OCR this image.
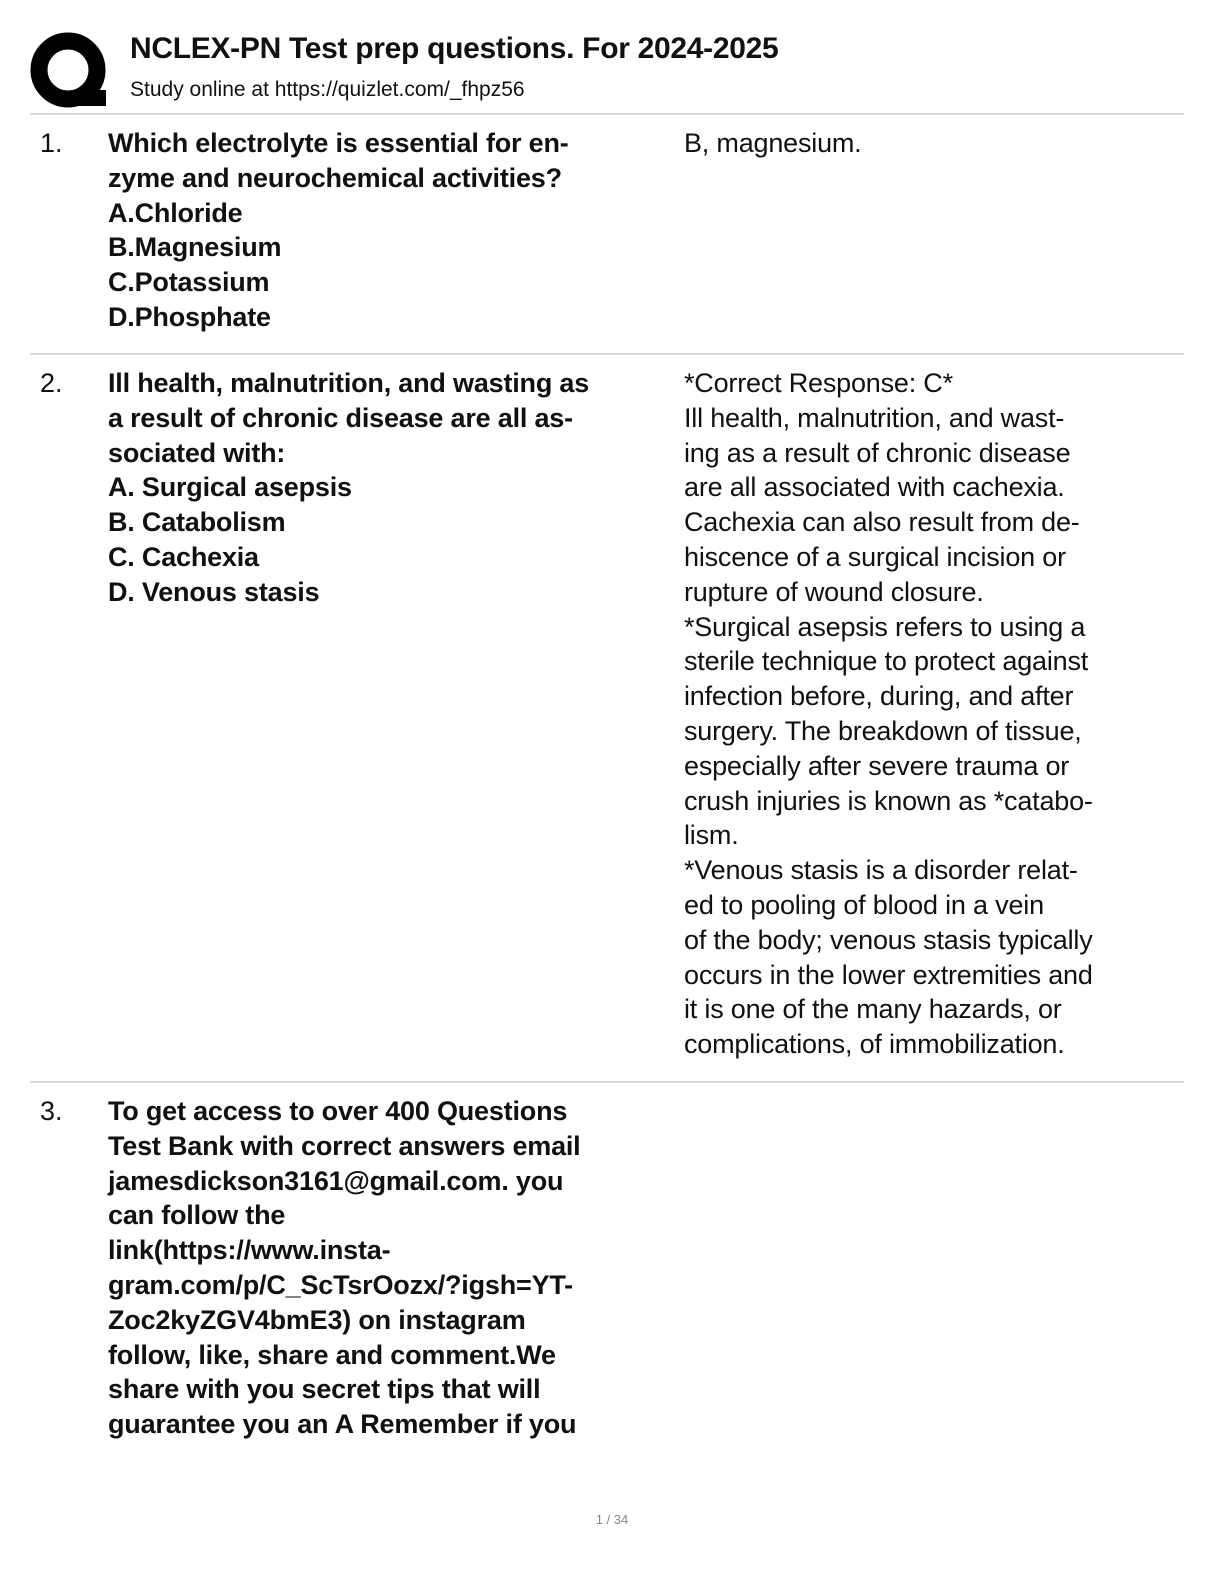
NCLEX-PN Test prep questions. For 2024-2025
Study online at https://quizlet.com/_fhpz56
1. Which electrolyte is essential for en-
zyme and neurochemical activities?
A.Chloride
B.Magnesium
C.Potassium
D.Phosphate
B, magnesium.
2. Ill health, malnutrition, and wasting as
a result of chronic disease are all as-
sociated with:
A. Surgical asepsis
B. Catabolism
C. Cachexia
D. Venous stasis
*Correct Response: C*
Ill health, malnutrition, and wast-
ing as a result of chronic disease
are all associated with cachexia.
Cachexia can also result from de-
hiscence of a surgical incision or
rupture of wound closure.
*Surgical asepsis refers to using a
sterile technique to protect against
infection before, during, and after
surgery. The breakdown of tissue,
especially after severe trauma or
crush injuries is known as *catabo-
lism.
*Venous stasis is a disorder relat-
ed to pooling of blood in a vein
of the body; venous stasis typically
occurs in the lower extremities and
it is one of the many hazards, or
complications, of immobilization.
3. To get access to over 400 Questions
Test Bank with correct answers email
jamesdickson3161@gmail.com. you
can follow the
link(https://www.insta-
gram.com/p/C_ScTsrOozx/?igsh=YT-
Zoc2kyZGV4bmE3) on instagram
follow, like, share and comment.We
share with you secret tips that will
guarantee you an A Remember if you
1 / 34
